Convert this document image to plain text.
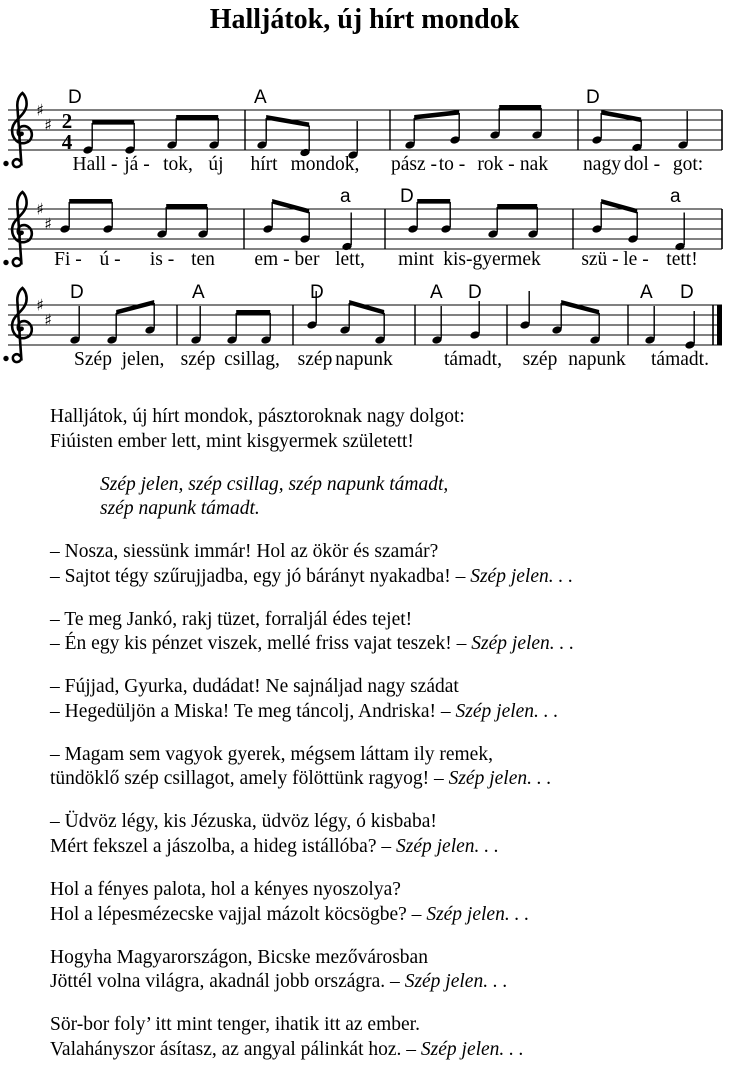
Halljátok, új hírt mondok
♯
♯ 2
4
D	A	D
Hall - já - tok, új hírt mondok, pász - to - rok - nak nagy dol - got:
♯
♯
a	D	a
Fi - ú - is - ten em - ber lett, mint kis-gyermek szü - le - tett!
♯
♯
D	A	D	A D	A D
Szép jelen, szép csillag, szép napunk	támadt, szép napunk támadt.

Halljátok, új hírt mondok, pásztoroknak nagy dolgot:
Fiúisten ember lett, mint kisgyermek született!

Szép jelen, szép csillag, szép napunk támadt,
szép napunk támadt.

– Nosza, siessünk immár! Hol az ökör és szamár?
– Sajtot tégy szűrujjadba, egy jó bárányt nyakadba! – Szép jelen. . .

– Te meg Jankó, rakj tüzet, forraljál édes tejet!
– Én egy kis pénzet viszek, mellé friss vajat teszek! – Szép jelen. . .

– Fújjad, Gyurka, dudádat! Ne sajnáljad nagy szádat
– Hegedüljön a Miska! Te meg táncolj, Andriska! – Szép jelen. . .

– Magam sem vagyok gyerek, mégsem láttam ily remek,
tündöklő szép csillagot, amely fölöttünk ragyog! – Szép jelen. . .

– Üdvöz légy, kis Jézuska, üdvöz légy, ó kisbaba!
Mért fekszel a jászolba, a hideg istállóba? – Szép jelen. . .

Hol a fényes palota, hol a kényes nyoszolya?
Hol a lépesmézecske vajjal mázolt köcsögbe? – Szép jelen. . .

Hogyha Magyarországon, Bicske mezővárosban
Jöttél volna világra, akadnál jobb országra. – Szép jelen. . .

Sör-bor foly’ itt mint tenger, ihatik itt az ember.
Valahányszor ásítasz, az angyal pálinkát hoz. – Szép jelen. . .
